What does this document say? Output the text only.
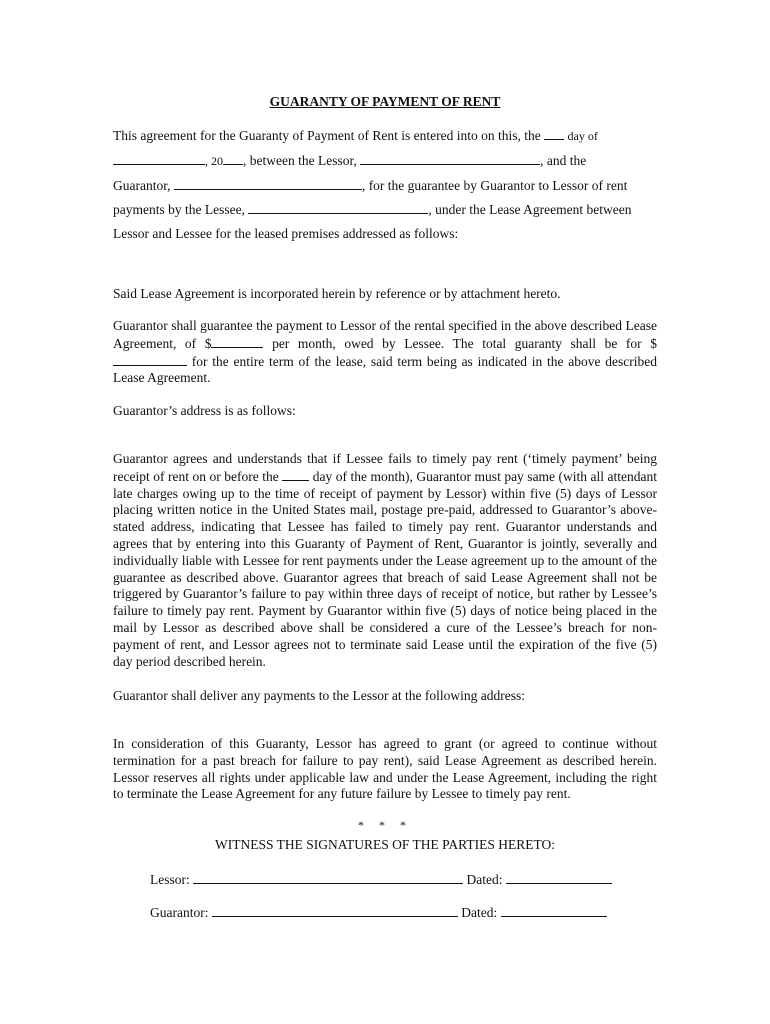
GUARANTY OF PAYMENT OF RENT
This agreement for the Guaranty of Payment of Rent is entered into on this, the day of
, 20 , between the Lessor,	, and the
Guarantor,	, for the guarantee by Guarantor to Lessor of rent
payments by the Lessee,	, under the Lease Agreement between
Lessor and Lessee for the leased premises addressed as follows:

Said Lease Agreement is incorporated herein by reference or by attachment hereto.

Guarantor shall guarantee the payment to Lessor of the rental specified in the above described Lease Agreement, of $	per month, owed by Lessee. The total guaranty shall be for $ for the entire term of the lease, said term being as indicated in the above described Lease Agreement.

Guarantor’s address is as follows:

Guarantor agrees and understands that if Lessee fails to timely pay rent (‘timely payment’ being receipt of rent on or before the	day of the month), Guarantor must pay same (with all attendant late charges owing up to the time of receipt of payment by Lessor) within five (5) days of Lessor placing written notice in the United States mail, postage pre-paid, addressed to Guarantor’s above-stated address, indicating that Lessee has failed to timely pay rent. Guarantor understands and agrees that by entering into this Guaranty of Payment of Rent, Guarantor is jointly, severally and individually liable with Lessee for rent payments under the Lease agreement up to the amount of the guarantee as described above. Guarantor agrees that breach of said Lease Agreement shall not be triggered by Guarantor’s failure to pay within three days of receipt of notice, but rather by Lessee’s failure to timely pay rent. Payment by Guarantor within five (5) days of notice being placed in the mail by Lessor as described above shall be considered a cure of the Lessee’s breach for non-payment of rent, and Lessor agrees not to terminate said Lease until the expiration of the five (5) day period described herein.

Guarantor shall deliver any payments to the Lessor at the following address:

In consideration of this Guaranty, Lessor has agreed to grant (or agreed to continue without termination for a past breach for failure to pay rent), said Lease Agreement as described herein. Lessor reserves all rights under applicable law and under the Lease Agreement, including the right to terminate the Lease Agreement for any future failure by Lessee to timely pay rent.

* * *
WITNESS THE SIGNATURES OF THE PARTIES HERETO:
Lessor:	Dated:
Guarantor:	Dated:
